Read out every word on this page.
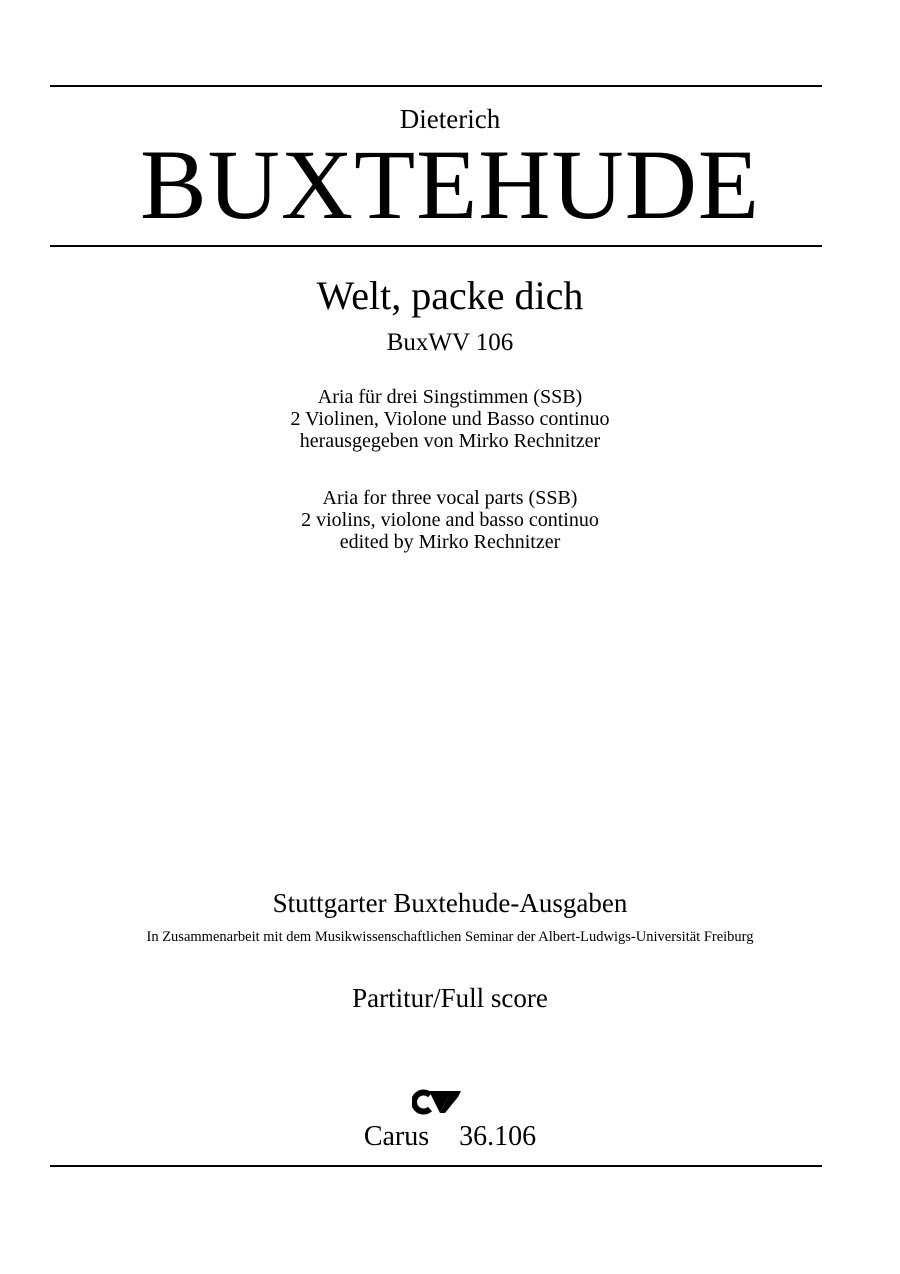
Dieterich
BUXTEHUDE
Welt, packe dich
BuxWV 106
Aria für drei Singstimmen (SSB)
2 Violinen, Violone und Basso continuo
herausgegeben von Mirko Rechnitzer
Aria for three vocal parts (SSB)
2 violins, violone and basso continuo
edited by Mirko Rechnitzer
Stuttgarter Buxtehude-Ausgaben
In Zusammenarbeit mit dem Musikwissenschaftlichen Seminar der Albert-Ludwigs-Universität Freiburg
Partitur/Full score
Carus  36.106
